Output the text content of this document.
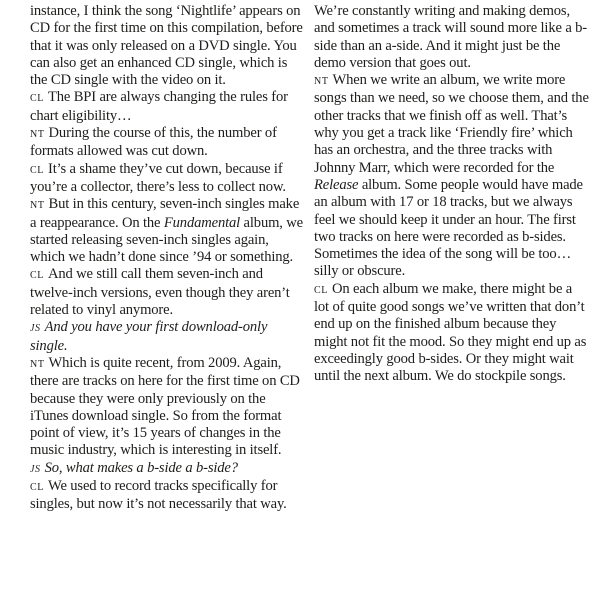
instance, I think the song ‘Nightlife’ appears on CD for the first time on this compilation, before that it was only released on a DVD single. You can also get an enhanced CD single, which is the CD single with the video on it.

CL The BPI are always changing the rules for chart eligibility…

NT During the course of this, the number of formats allowed was cut down.

CL It’s a shame they’ve cut down, because if you’re a collector, there’s less to collect now.

NT But in this century, seven-inch singles make a reappearance. On the Fundamental album, we started releasing seven-inch singles again, which we hadn’t done since ’94 or something.

CL And we still call them seven-inch and twelve-inch versions, even though they aren’t related to vinyl anymore.

JS And you have your first download-only single.

NT Which is quite recent, from 2009. Again, there are tracks on here for the first time on CD because they were only previously on the iTunes download single. So from the format point of view, it’s 15 years of changes in the music industry, which is interesting in itself.

JS So, what makes a b-side a b-side?

CL We used to record tracks specifically for singles, but now it’s not necessarily that way.

We’re constantly writing and making demos, and sometimes a track will sound more like a b-side than an a-side. And it might just be the demo version that goes out.

NT When we write an album, we write more songs than we need, so we choose them, and the other tracks that we finish off as well. That’s why you get a track like ‘Friendly fire’ which has an orchestra, and the three tracks with Johnny Marr, which were recorded for the Release album. Some people would have made an album with 17 or 18 tracks, but we always feel we should keep it under an hour. The first two tracks on here were recorded as b-sides. Sometimes the idea of the song will be too…silly or obscure.

CL On each album we make, there might be a lot of quite good songs we’ve written that don’t end up on the finished album because they might not fit the mood. So they might end up as exceedingly good b-sides. Or they might wait until the next album. We do stockpile songs.
